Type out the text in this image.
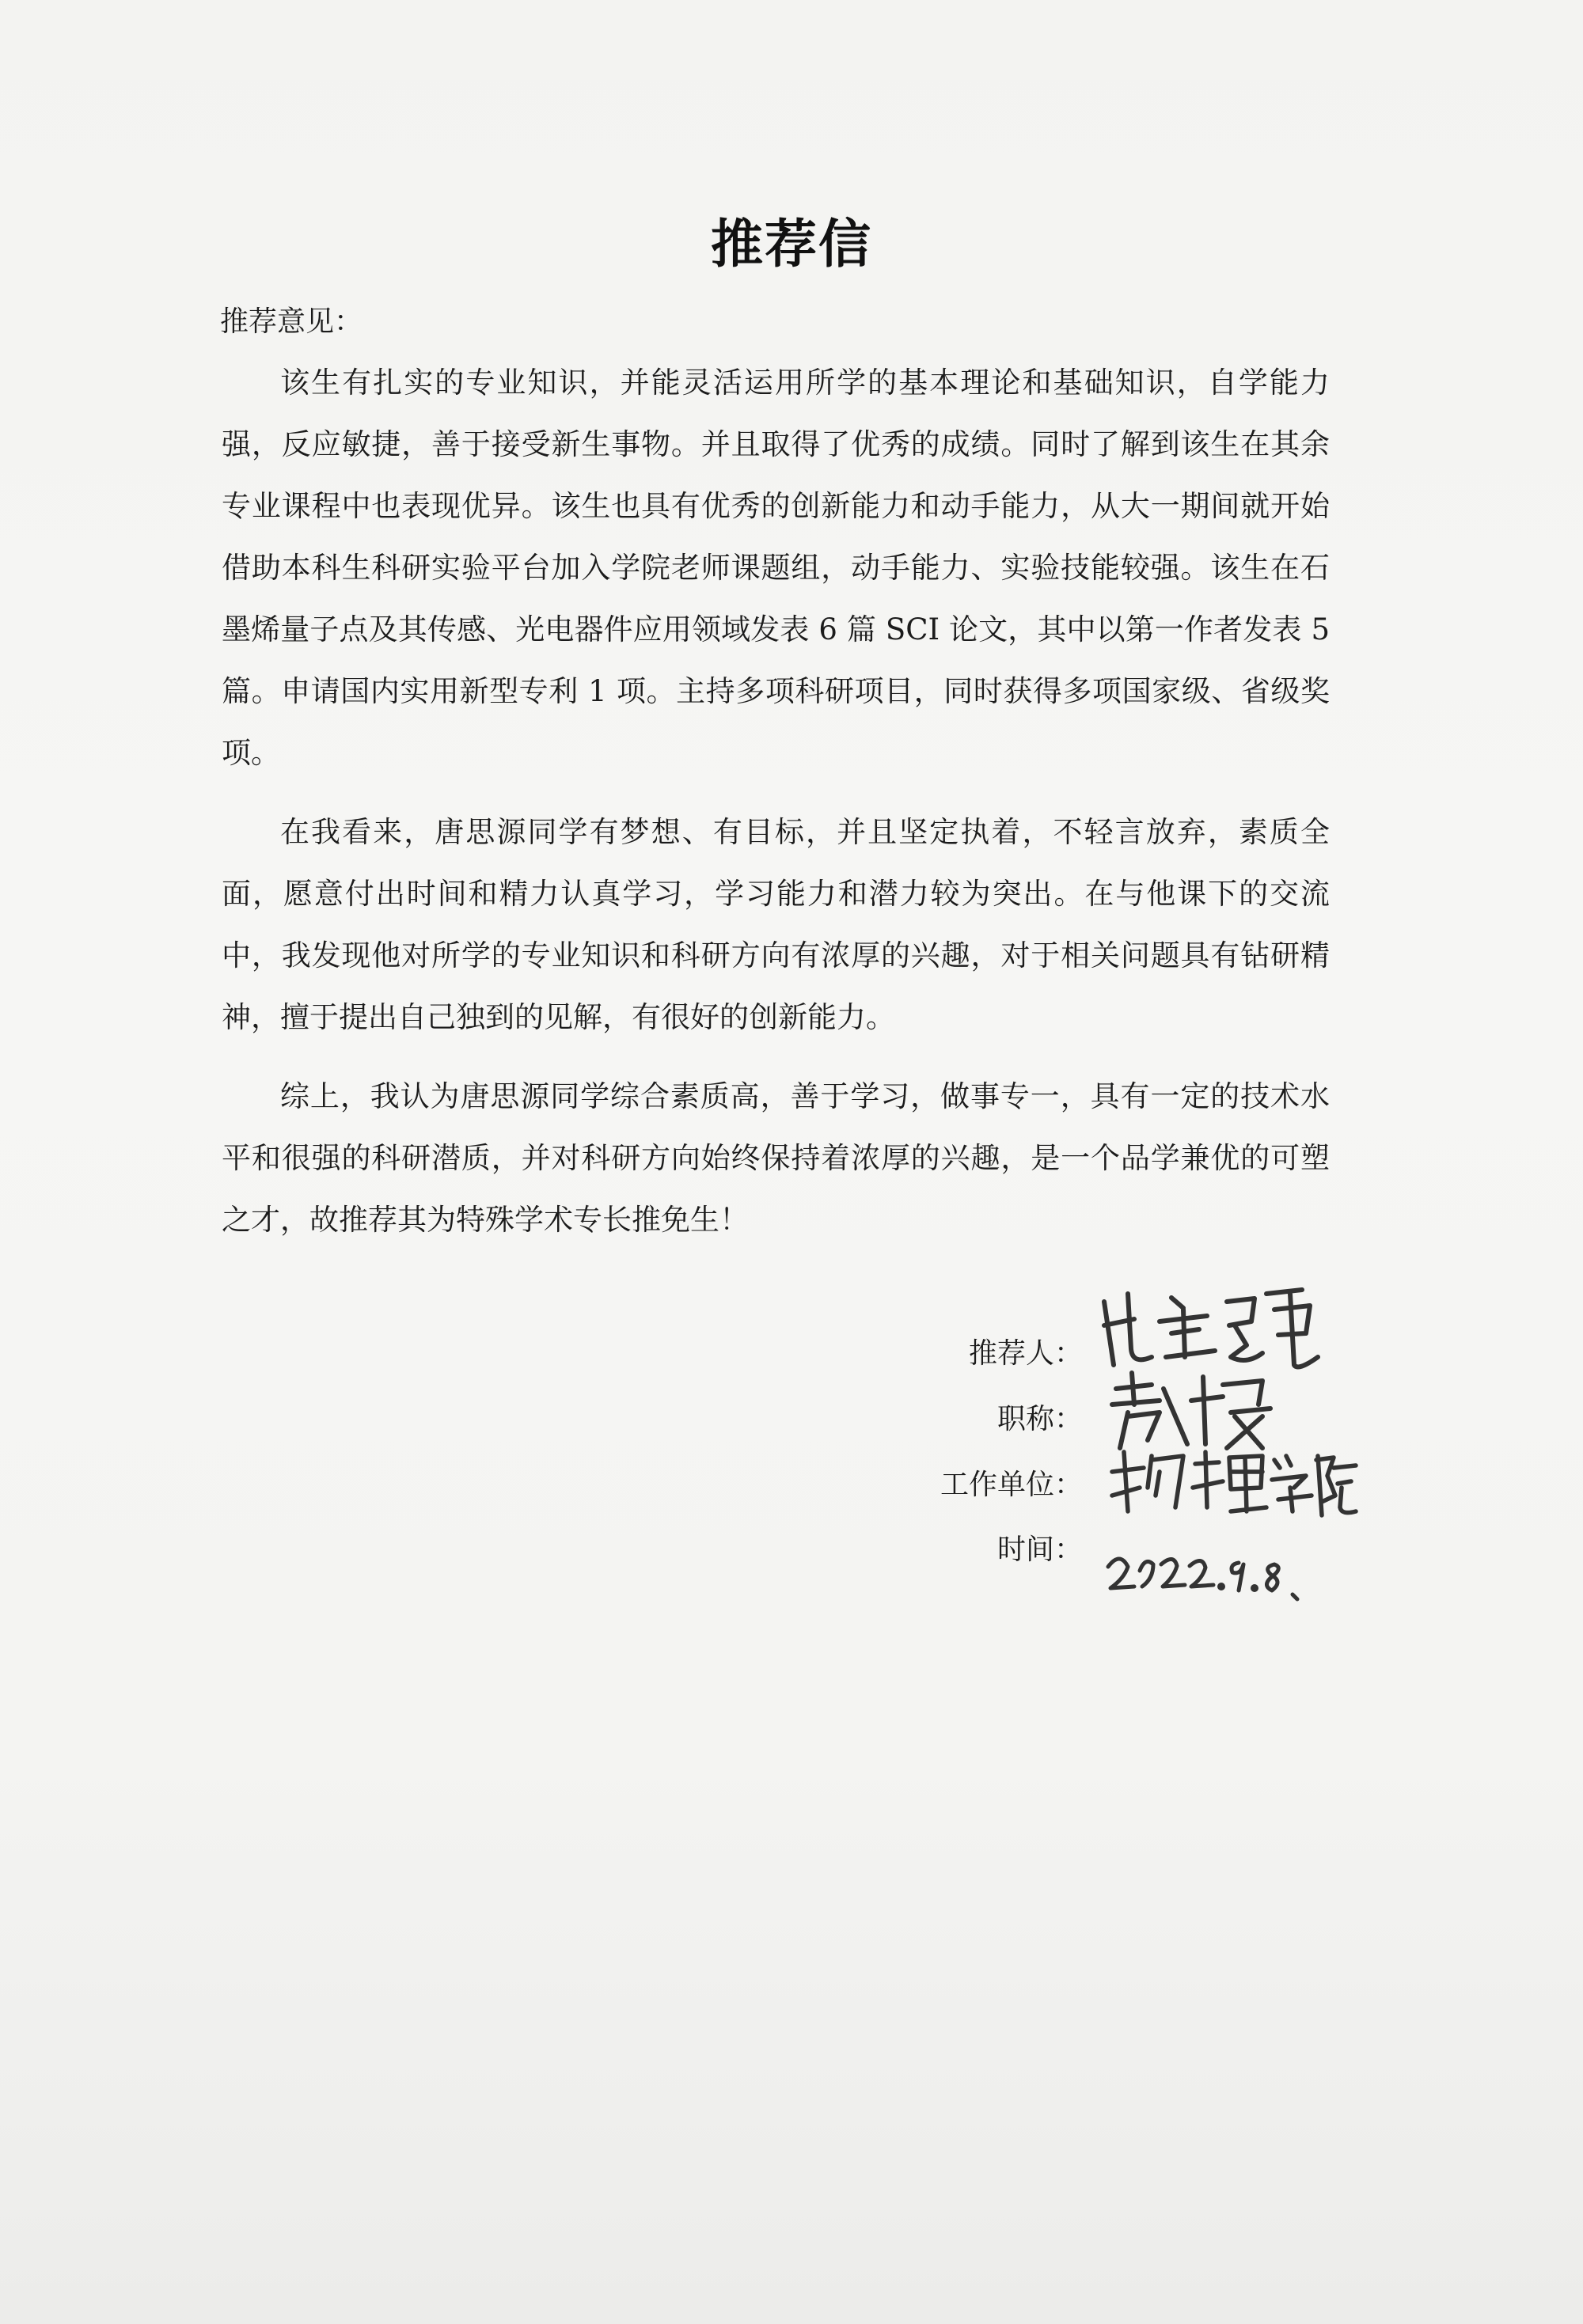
推荐信
推荐意见：

该生有扎实的专业知识，并能灵活运用所学的基本理论和基础知识，自学能力强，反应敏捷，善于接受新生事物。并且取得了优秀的成绩。同时了解到该生在其余专业课程中也表现优异。该生也具有优秀的创新能力和动手能力，从大一期间就开始借助本科生科研实验平台加入学院老师课题组，动手能力、实验技能较强。该生在石墨烯量子点及其传感、光电器件应用领域发表 6 篇 SCI 论文，其中以第一作者发表 5 篇。申请国内实用新型专利 1 项。主持多项科研项目，同时获得多项国家级、省级奖项。

在我看来，唐思源同学有梦想、有目标，并且坚定执着，不轻言放弃，素质全面，愿意付出时间和精力认真学习，学习能力和潜力较为突出。在与他课下的交流中，我发现他对所学的专业知识和科研方向有浓厚的兴趣，对于相关问题具有钻研精神，擅于提出自己独到的见解，有很好的创新能力。

综上，我认为唐思源同学综合素质高，善于学习，做事专一，具有一定的技术水平和很强的科研潜质，并对科研方向始终保持着浓厚的兴趣，是一个品学兼优的可塑之才，故推荐其为特殊学术专长推免生！

推荐人：
职称：
工作单位：
时间：
